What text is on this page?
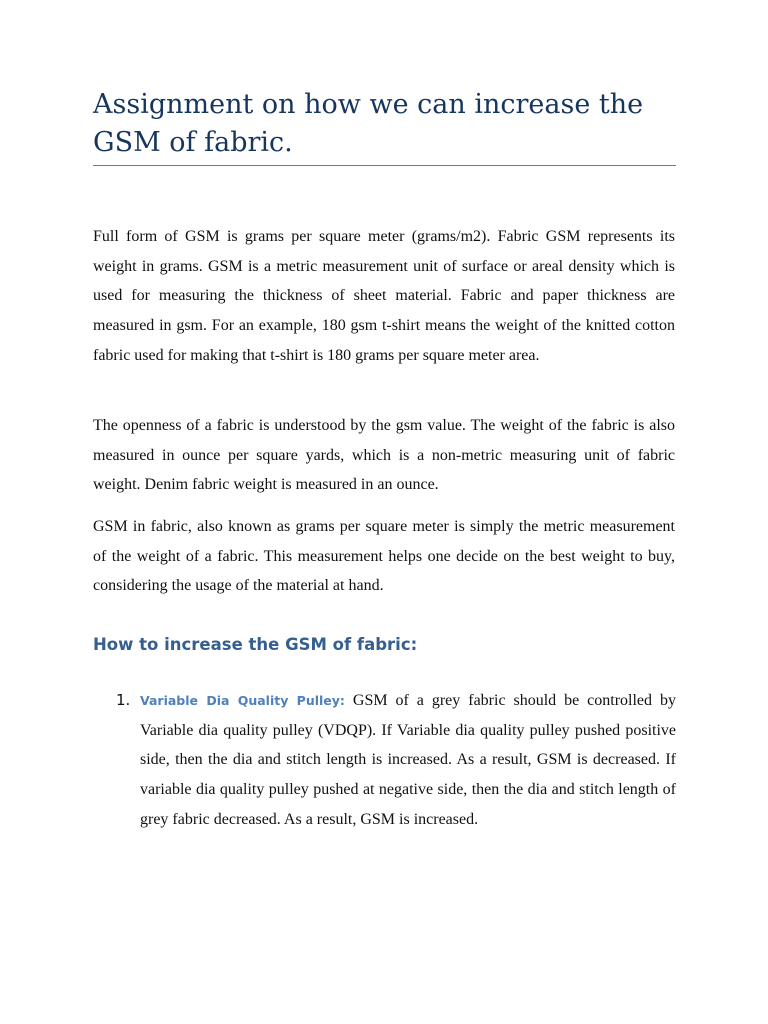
Assignment on how we can increase the GSM of fabric.

Full form of GSM is grams per square meter (grams/m2). Fabric GSM represents its weight in grams. GSM is a metric measurement unit of surface or areal density which is used for measuring the thickness of sheet material. Fabric and paper thickness are measured in gsm. For an example, 180 gsm t-shirt means the weight of the knitted cotton fabric used for making that t-shirt is 180 grams per square meter area.

The openness of a fabric is understood by the gsm value. The weight of the fabric is also measured in ounce per square yards, which is a non-metric measuring unit of fabric weight. Denim fabric weight is measured in an ounce.

GSM in fabric, also known as grams per square meter is simply the metric measurement of the weight of a fabric. This measurement helps one decide on the best weight to buy, considering the usage of the material at hand.

How to increase the GSM of fabric:
1. Variable Dia Quality Pulley: GSM of a grey fabric should be controlled by Variable dia quality pulley (VDQP). If Variable dia quality pulley pushed positive side, then the dia and stitch length is increased. As a result, GSM is decreased. If variable dia quality pulley pushed at negative side, then the dia and stitch length of grey fabric decreased. As a result, GSM is increased.
